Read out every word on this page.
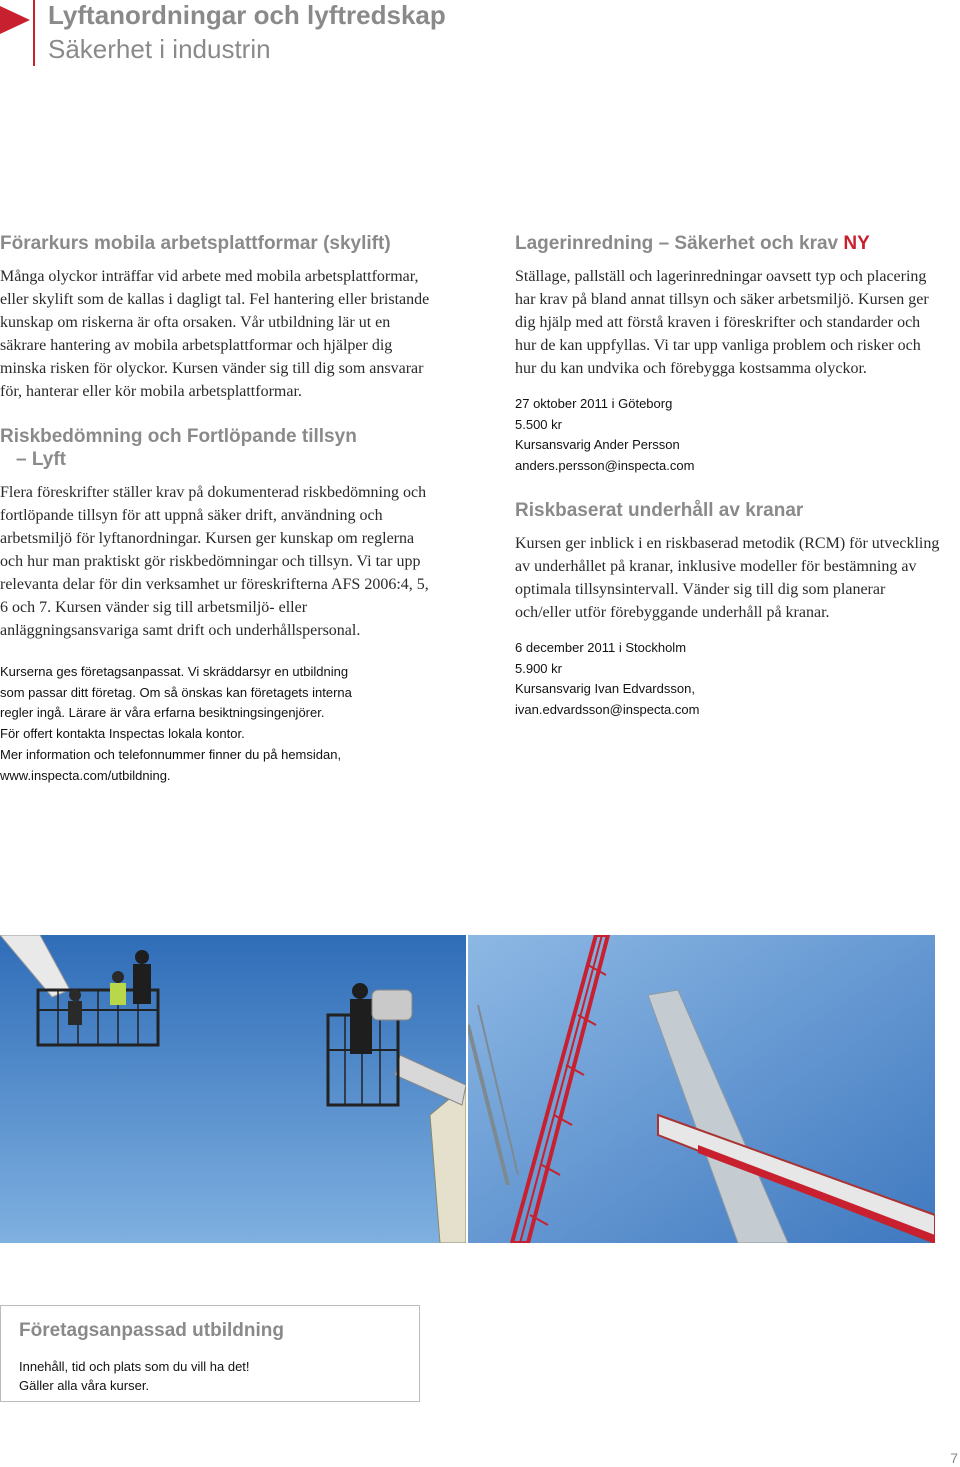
Lyftanordningar och lyftredskap
Säkerhet i industrin
Förarkurs mobila arbetsplattformar (skylift)

Många olyckor inträffar vid arbete med mobila arbetsplattformar, eller skylift som de kallas i dagligt tal. Fel hantering eller bristande kunskap om riskerna är ofta orsaken. Vår utbildning lär ut en säkrare hantering av mobila arbetsplattformar och hjälper dig minska risken för olyckor. Kursen vänder sig till dig som ansvarar för, hanterar eller kör mobila arbetsplattformar.

Riskbedömning och Fortlöpande tillsyn
– Lyft

Flera föreskrifter ställer krav på dokumenterad riskbedömning och fortlöpande tillsyn för att uppnå säker drift, användning och arbetsmiljö för lyftanordningar. Kursen ger kunskap om reglerna och hur man praktiskt gör riskbedömningar och tillsyn. Vi tar upp relevanta delar för din verksamhet ur föreskrifterna AFS 2006:4, 5, 6 och 7. Kursen vänder sig till arbetsmiljö- eller anläggningsansvariga samt drift och underhållspersonal.

Kurserna ges företagsanpassat. Vi skräddarsyr en utbildning
som passar ditt företag. Om så önskas kan företagets interna
regler ingå. Lärare är våra erfarna besiktningsingenjörer.
För offert kontakta Inspectas lokala kontor.
Mer information och telefonnummer finner du på hemsidan,
www.inspecta.com/utbildning.
Lagerinredning – Säkerhet och krav NY

Ställage, pallställ och lagerinredningar oavsett typ och placering har krav på bland annat tillsyn och säker arbetsmiljö. Kursen ger dig hjälp med att förstå kraven i föreskrifter och standarder och hur de kan uppfyllas. Vi tar upp vanliga problem och risker och hur du kan undvika och förebygga kostsamma olyckor.

27 oktober 2011 i Göteborg
5.500 kr
Kursansvarig Ander Persson
anders.persson@inspecta.com
Riskbaserat underhåll av kranar

Kursen ger inblick i en riskbaserad metodik (RCM) för utveckling av underhållet på kranar, inklusive modeller för bestämning av optimala tillsynsintervall. Vänder sig till dig som planerar och/eller utför förebyggande underhåll på kranar.

6 december 2011 i Stockholm
5.900 kr
Kursansvarig Ivan Edvardsson,
ivan.edvardsson@inspecta.com
Företagsanpassad utbildning
Innehåll, tid och plats som du vill ha det!
Gäller alla våra kurser.
7
